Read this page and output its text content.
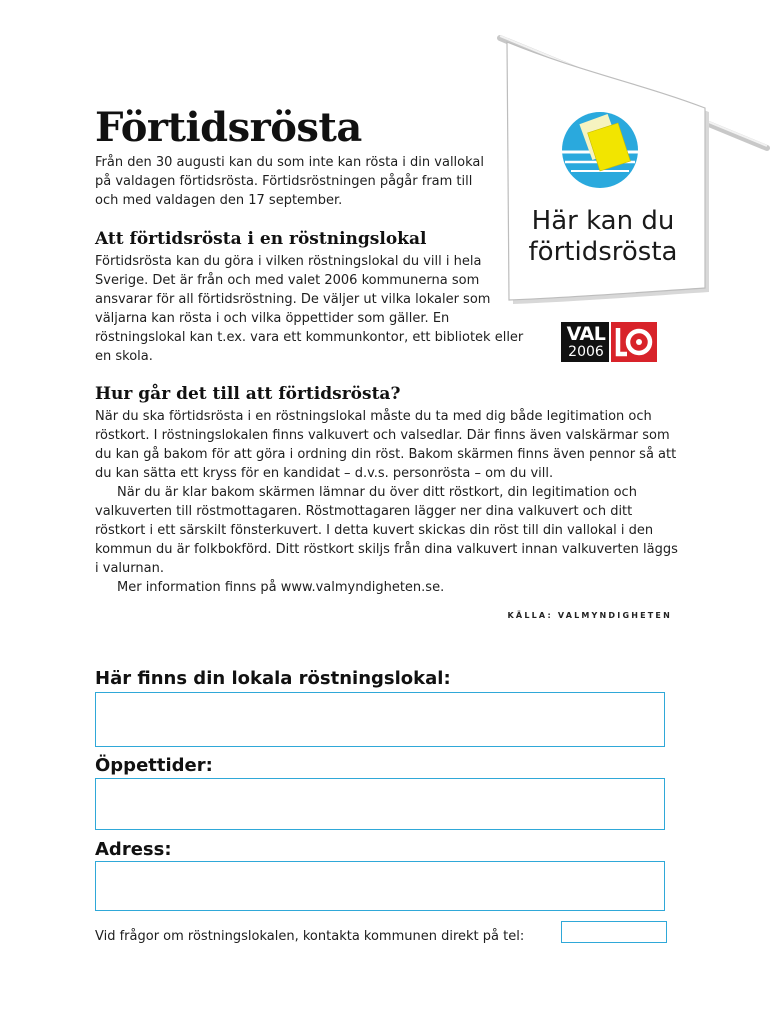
Förtidsrösta

Från den 30 augusti kan du som inte kan rösta i din vallokal på valdagen förtidsrösta. Förtidsröstningen pågår fram till och med valdagen den 17 september.

Att förtidsrösta i en röstningslokal

Förtidsrösta kan du göra i vilken röstningslokal du vill i hela Sverige. Det är från och med valet 2006 kommunerna som ansvarar för all förtidsröstning. De väljer ut vilka lokaler som väljarna kan rösta i och vilka öppettider som gäller. En röstningslokal kan t.ex. vara ett kommunkontor, ett bibliotek eller en skola.

Hur går det till att förtidsrösta?

När du ska förtidsrösta i en röstningslokal måste du ta med dig både legitimation och röstkort. I röstningslokalen finns valkuvert och valsedlar. Där finns även valskärmar som du kan gå bakom för att göra i ordning din röst. Bakom skärmen finns även pennor så att du kan sätta ett kryss för en kandidat – d.v.s. personrösta – om du vill.

När du är klar bakom skärmen lämnar du över ditt röstkort, din legitimation och valkuverten till röstmottagaren. Röstmottagaren lägger ner dina valkuvert och ditt röstkort i ett särskilt fönsterkuvert. I detta kuvert skickas din röst till din vallokal i den kommun du är folkbokförd. Ditt röstkort skiljs från dina valkuvert innan valkuverten läggs i valurnan.

Mer information finns på www.valmyndigheten.se.

KÄLLA: VALMYNDIGHETEN
Här kan du
förtidsrösta
VAL
2006
Här finns din lokala röstningslokal:
Öppettider:
Adress:
Vid frågor om röstningslokalen, kontakta kommunen direkt på tel:
